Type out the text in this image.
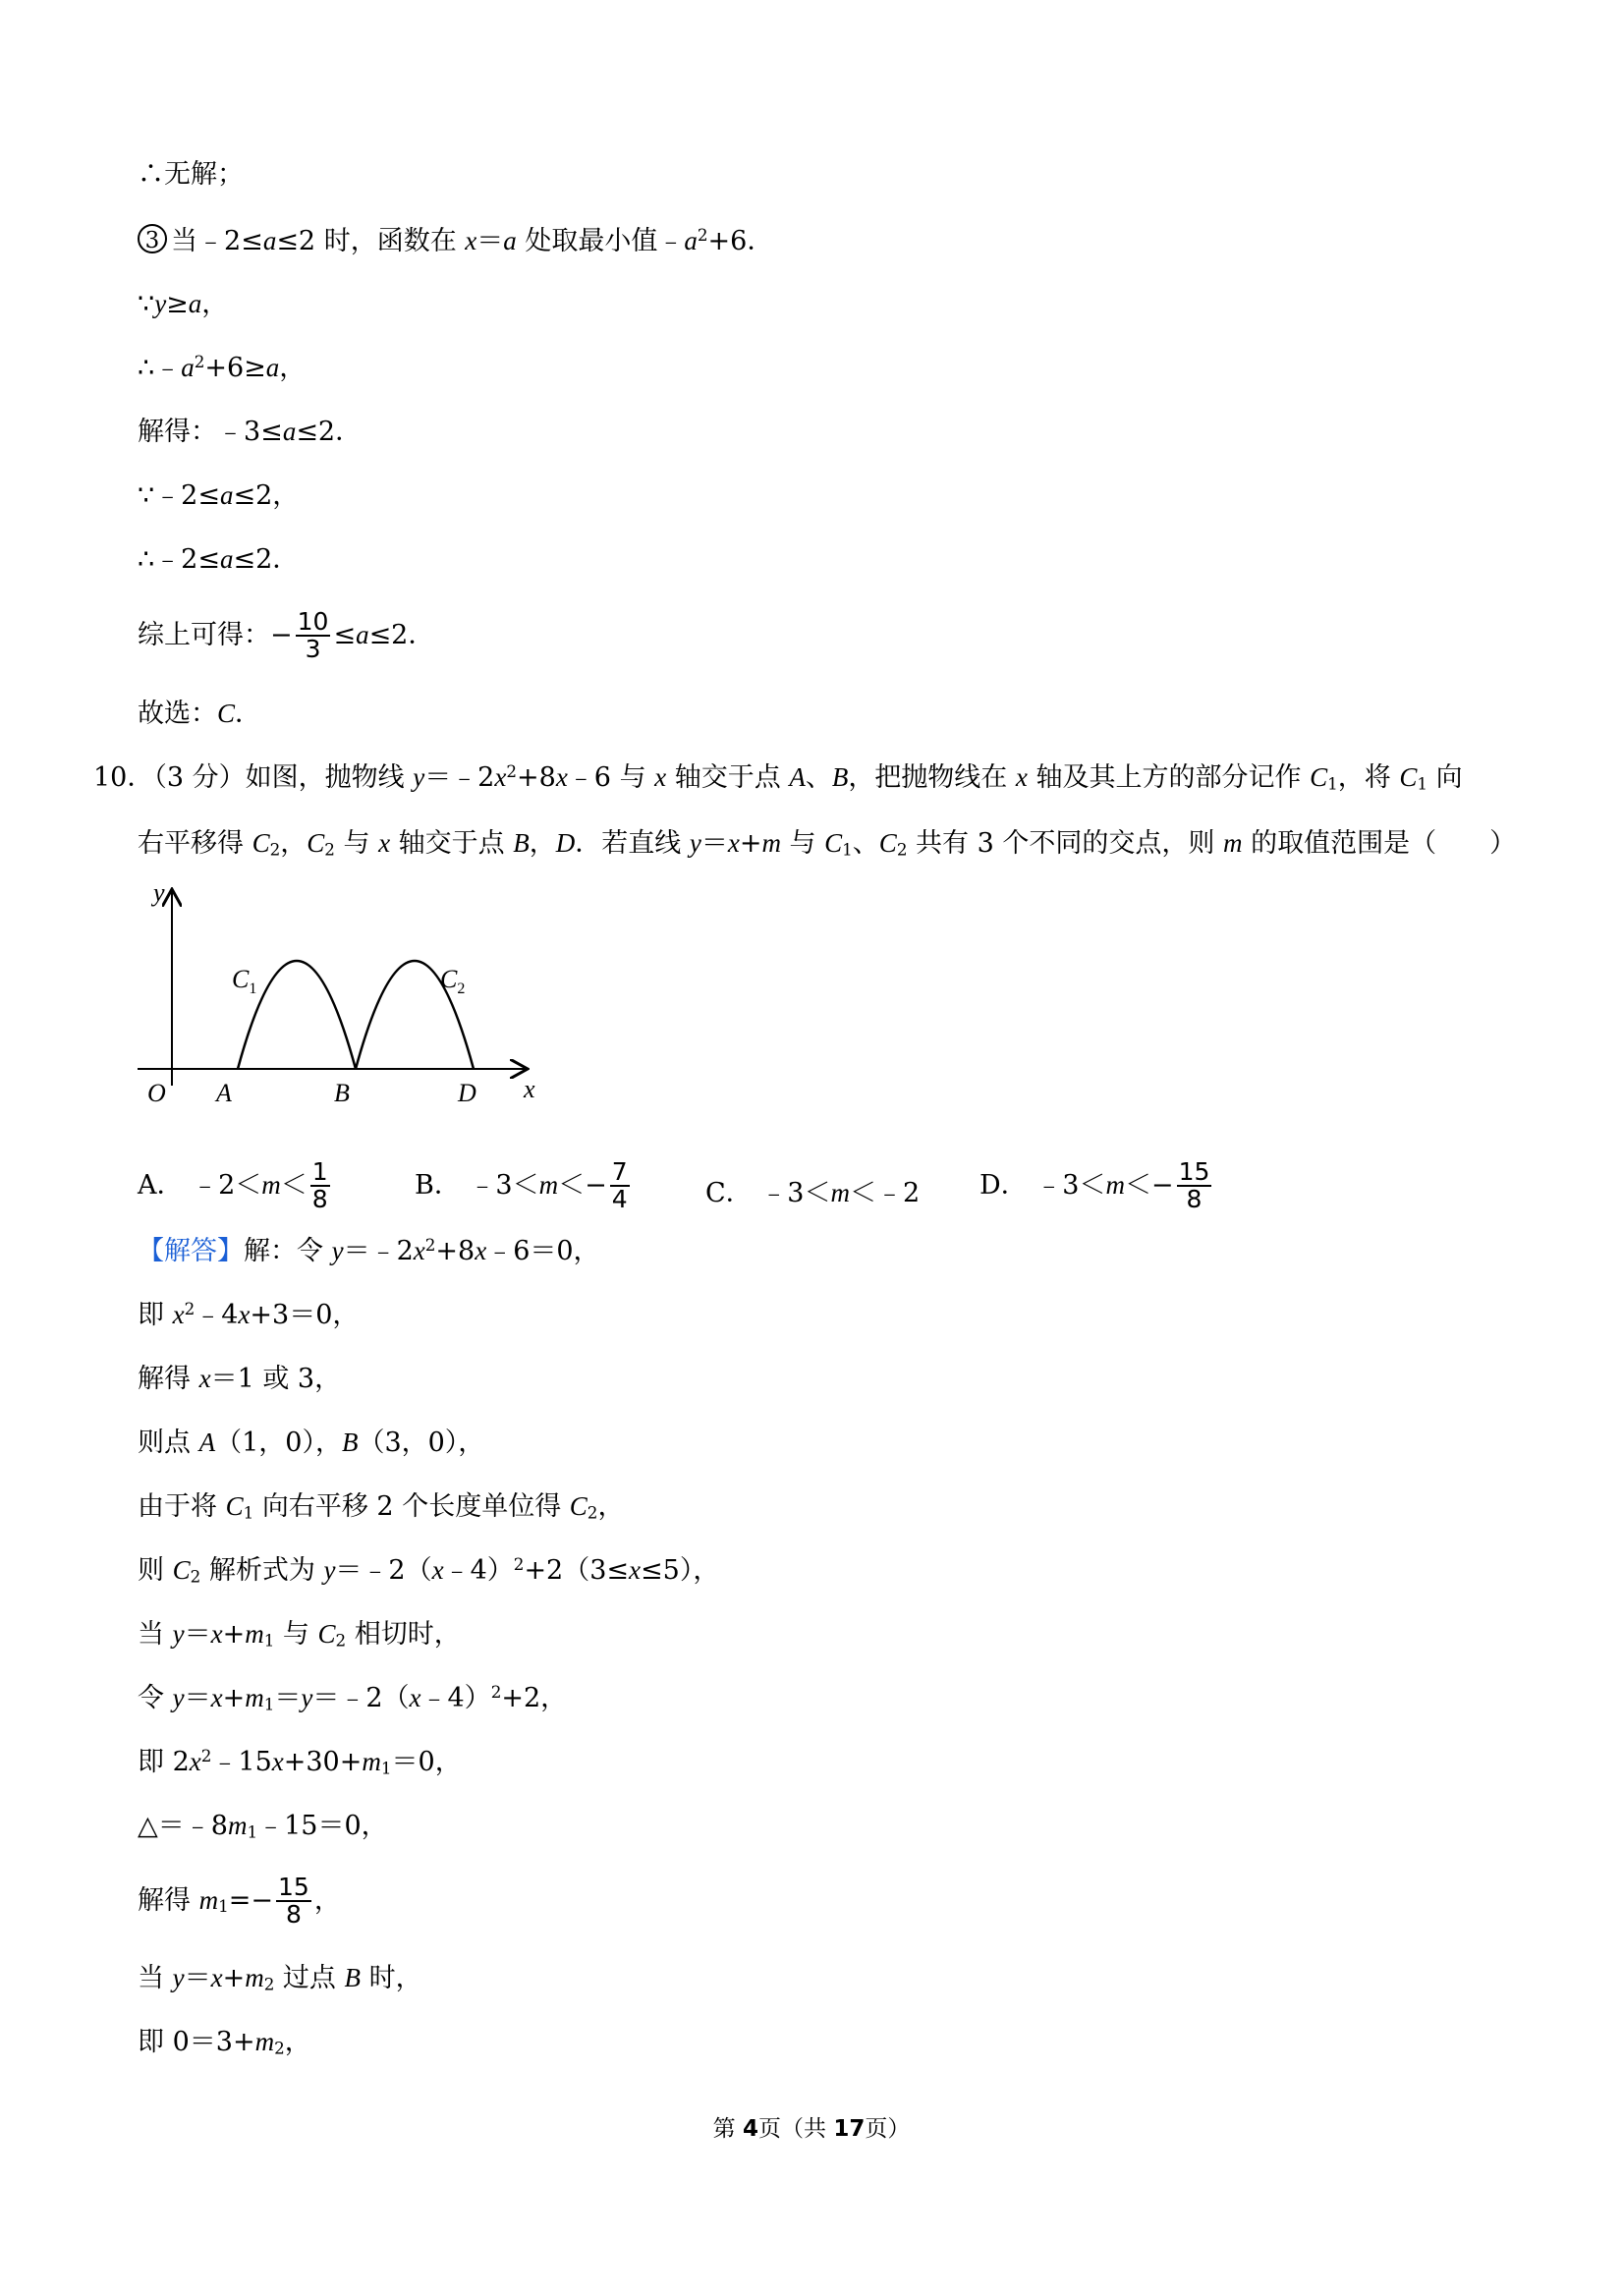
∴无解；
3 当﹣2≤a≤2 时，函数在 x＝a 处取最小值$﹣a^2+6$．
∵y≥a，
$\therefore﹣a^2+6\ge a$，
解得：﹣3≤a≤2．
∵﹣2≤a≤2，
∴﹣2≤a≤2．
综上可得：− $\frac{10}{3} \le a\le 2$．
故选：C．
10．（3 分）如图，抛物线 $y=﹣2x^2+8x﹣6$ 与 x 轴交于点 A、B，把抛物线在 x 轴及其上方的部分记作 $C_1$，将 $C_1$ 向
右平移得 $C_2$，$C_2$ 与 x 轴交于点 B，D．若直线 y＝x+m 与 $C_1$、$C_2$ 共有 3 个不同的交点，则 m 的取值范围是（　　）
y
x
O A	B	D
$C_1$	$C_2$
A． ﹣2＜m＜ $\frac{1}{8}$	B． ﹣3＜m＜− $\frac{7}{4}$	C． ﹣3＜m＜﹣2 D． ﹣3＜m＜− $\frac{15}{8}$
【解答】解：令 $y=﹣2x^2+8x﹣6=0$，
即 $x^2﹣4x+3=0$，
解得 x＝1 或 3，
则点 A（1，0），B（3，0），
由于将 $C_1$ 向右平移 2 个长度单位得 $C_2$，
则 $C_2$ 解析式为 y＝﹣2（x﹣4）$^2$+2（3≤x≤5），
当 $y=x+m_1$ 与 $C_2$ 相切时，
令 $y=x+m_1=y=﹣2(x﹣4)^2+2$，
即 $2x^2﹣15x+30+m_1=0$，
$\triangle=﹣8m_1﹣15=0$，
解得 $m_1=- \frac{15}{8}$ ，
当 $y=x+m_2$ 过点 B 时，
即 $0=3+m_2$，
第 4页（共 17页）
